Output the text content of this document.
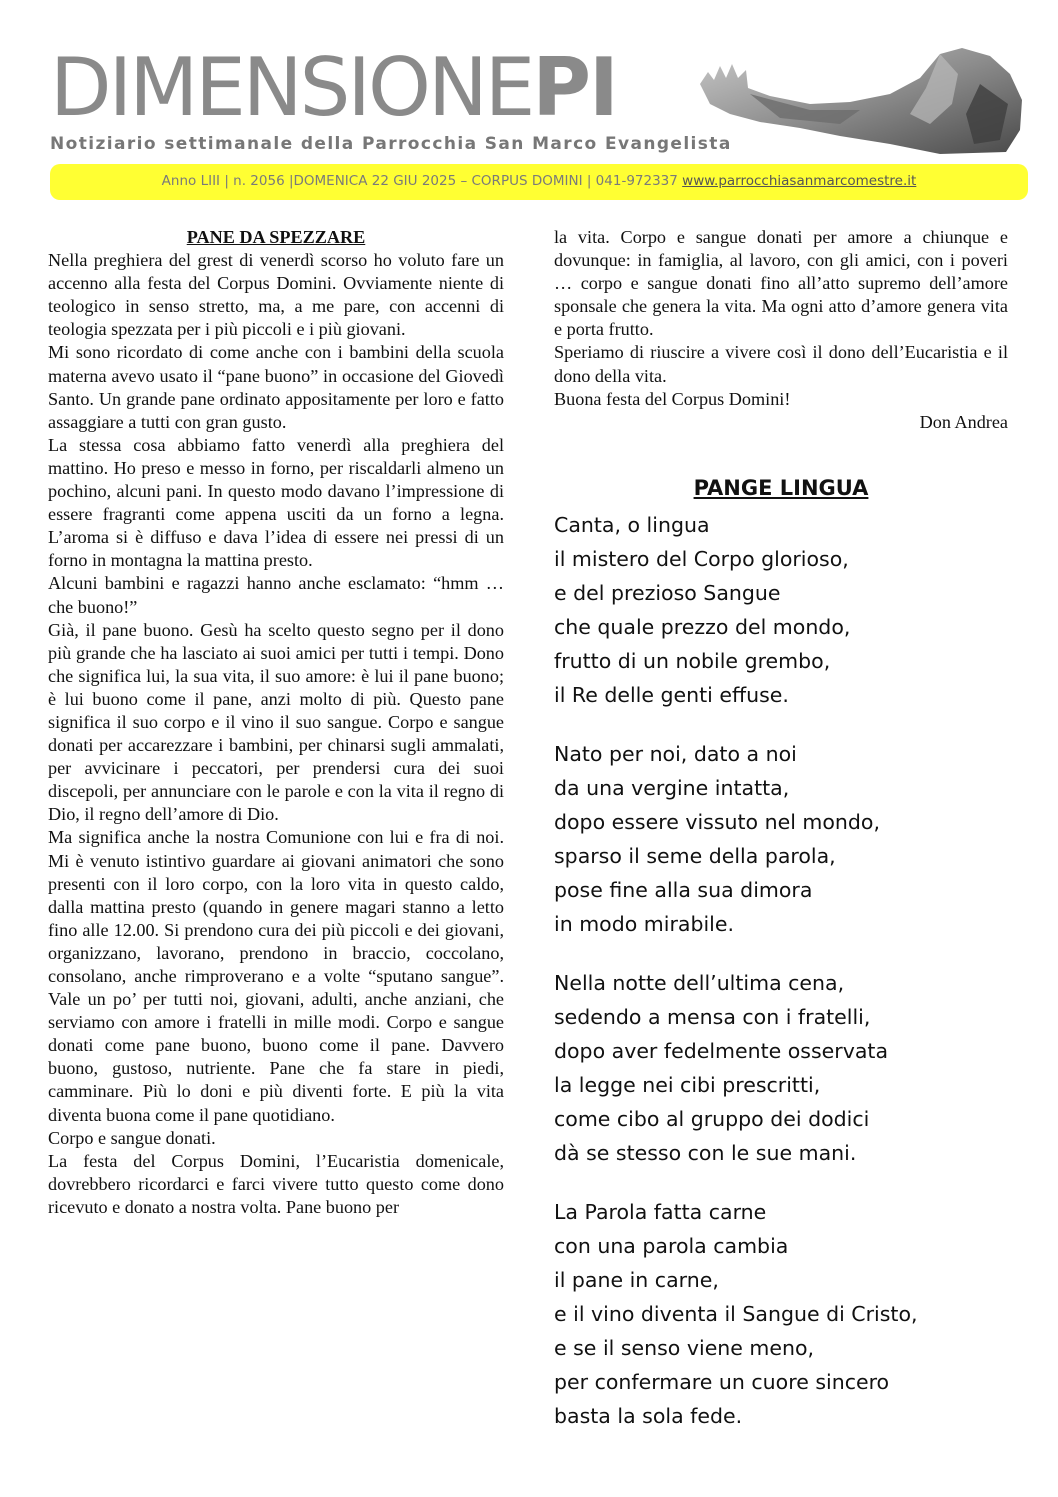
DIMENSIONEPI
Notiziario settimanale della Parrocchia San Marco Evangelista
Anno LIII | n. 2056 |DOMENICA 22 GIU 2025 – CORPUS DOMINI | 041-972337 www.parrocchiasanmarcomestre.it
PANE DA SPEZZARE

Nella preghiera del grest di venerdì scorso ho voluto fare un accenno alla festa del Corpus Domini. Ovviamente niente di teologico in senso stretto, ma, a me pare, con accenni di teologia spezzata per i più piccoli e i più giovani.

Mi sono ricordato di come anche con i bambini della scuola materna avevo usato il “pane buono” in occasione del Giovedì Santo. Un grande pane ordinato appositamente per loro e fatto assaggiare a tutti con gran gusto.

La stessa cosa abbiamo fatto venerdì alla preghiera del mattino. Ho preso e messo in forno, per riscaldarli almeno un pochino, alcuni pani. In questo modo davano l’impressione di essere fragranti come appena usciti da un forno a legna. L’aroma si è diffuso e dava l’idea di essere nei pressi di un forno in montagna la mattina presto.

Alcuni bambini e ragazzi hanno anche esclamato: “hmm … che buono!”

Già, il pane buono. Gesù ha scelto questo segno per il dono più grande che ha lasciato ai suoi amici per tutti i tempi. Dono che significa lui, la sua vita, il suo amore: è lui il pane buono; è lui buono come il pane, anzi molto di più. Questo pane significa il suo corpo e il vino il suo sangue. Corpo e sangue donati per accarezzare i bambini, per chinarsi sugli ammalati, per avvicinare i peccatori, per prendersi cura dei suoi discepoli, per annunciare con le parole e con la vita il regno di Dio, il regno dell’amore di Dio.

Ma significa anche la nostra Comunione con lui e fra di noi. Mi è venuto istintivo guardare ai giovani animatori che sono presenti con il loro corpo, con la loro vita in questo caldo, dalla mattina presto (quando in genere magari stanno a letto fino alle 12.00. Si prendono cura dei più piccoli e dei giovani, organizzano, lavorano, prendono in braccio, coccolano, consolano, anche rimproverano e a volte “sputano sangue”. Vale un po’ per tutti noi, giovani, adulti, anche anziani, che serviamo con amore i fratelli in mille modi. Corpo e sangue donati come pane buono, buono come il pane. Davvero buono, gustoso, nutriente. Pane che fa stare in piedi, camminare. Più lo doni e più diventi forte. E più la vita diventa buona come il pane quotidiano.

Corpo e sangue donati.

La festa del Corpus Domini, l’Eucaristia domenicale, dovrebbero ricordarci e farci vivere tutto questo come dono ricevuto e donato a nostra volta. Pane buono per

la vita. Corpo e sangue donati per amore a chiunque e dovunque: in famiglia, al lavoro, con gli amici, con i poveri … corpo e sangue donati fino all’atto supremo dell’amore sponsale che genera la vita. Ma ogni atto d’amore genera vita e porta frutto.

Speriamo di riuscire a vivere così il dono dell’Eucaristia e il dono della vita.

Buona festa del Corpus Domini!

Don Andrea

PANGE LINGUA
Canta, o lingua
il mistero del Corpo glorioso,
e del prezioso Sangue
che quale prezzo del mondo,
frutto di un nobile grembo,
il Re delle genti effuse.
Nato per noi, dato a noi
da una vergine intatta,
dopo essere vissuto nel mondo,
sparso il seme della parola,
pose fine alla sua dimora
in modo mirabile.
Nella notte dell’ultima cena,
sedendo a mensa con i fratelli,
dopo aver fedelmente osservata
la legge nei cibi prescritti,
come cibo al gruppo dei dodici
dà se stesso con le sue mani.
La Parola fatta carne
con una parola cambia
il pane in carne,
e il vino diventa il Sangue di Cristo,
e se il senso viene meno,
per confermare un cuore sincero
basta la sola fede.
